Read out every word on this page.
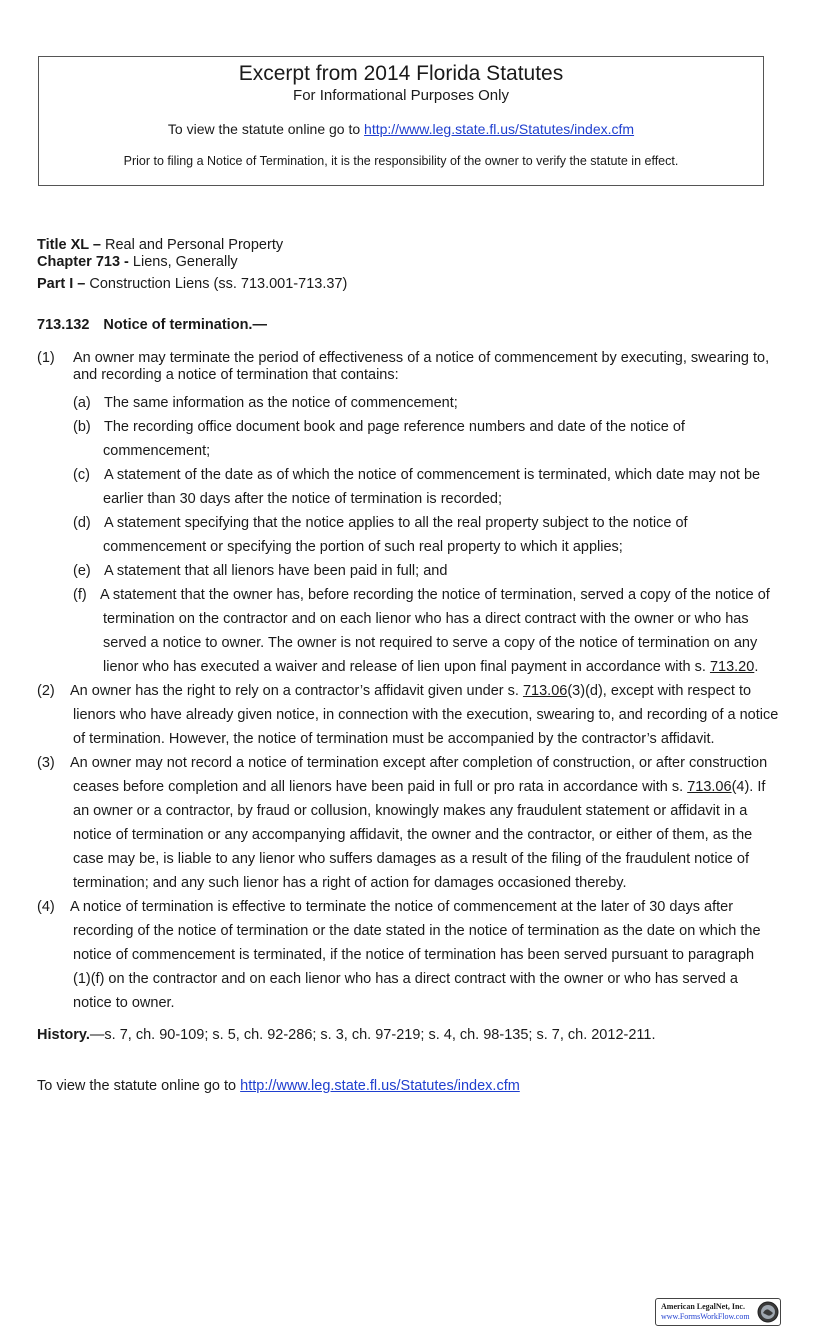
Excerpt from 2014 Florida Statutes
For Informational Purposes Only
To view the statute online go to http://www.leg.state.fl.us/Statutes/index.cfm
Prior to filing a Notice of Termination, it is the responsibility of the owner to verify the statute in effect.
Title XL – Real and Personal Property
Chapter 713 - Liens, Generally
Part I – Construction Liens (ss. 713.001-713.37)
713.132 Notice of termination.—
(1) An owner may terminate the period of effectiveness of a notice of commencement by executing, swearing to,
and recording a notice of termination that contains:
(a) The same information as the notice of commencement;
(b) The recording office document book and page reference numbers and date of the notice of
commencement;
(c) A statement of the date as of which the notice of commencement is terminated, which date may not be
earlier than 30 days after the notice of termination is recorded;
(d) A statement specifying that the notice applies to all the real property subject to the notice of
commencement or specifying the portion of such real property to which it applies;
(e) A statement that all lienors have been paid in full; and
(f) A statement that the owner has, before recording the notice of termination, served a copy of the notice of
termination on the contractor and on each lienor who has a direct contract with the owner or who has
served a notice to owner. The owner is not required to serve a copy of the notice of termination on any
lienor who has executed a waiver and release of lien upon final payment in accordance with s. 713.20.
(2) An owner has the right to rely on a contractor’s affidavit given under s. 713.06(3)(d), except with respect to
lienors who have already given notice, in connection with the execution, swearing to, and recording of a notice
of termination. However, the notice of termination must be accompanied by the contractor’s affidavit.
(3) An owner may not record a notice of termination except after completion of construction, or after construction
ceases before completion and all lienors have been paid in full or pro rata in accordance with s. 713.06(4). If
an owner or a contractor, by fraud or collusion, knowingly makes any fraudulent statement or affidavit in a
notice of termination or any accompanying affidavit, the owner and the contractor, or either of them, as the
case may be, is liable to any lienor who suffers damages as a result of the filing of the fraudulent notice of
termination; and any such lienor has a right of action for damages occasioned thereby.
(4) A notice of termination is effective to terminate the notice of commencement at the later of 30 days after
recording of the notice of termination or the date stated in the notice of termination as the date on which the
notice of commencement is terminated, if the notice of termination has been served pursuant to paragraph
(1)(f) on the contractor and on each lienor who has a direct contract with the owner or who has served a
notice to owner.
History.—s. 7, ch. 90-109; s. 5, ch. 92-286; s. 3, ch. 97-219; s. 4, ch. 98-135; s. 7, ch. 2012-211.
To view the statute online go to http://www.leg.state.fl.us/Statutes/index.cfm
American LegalNet, Inc.
www.FormsWorkFlow.com
